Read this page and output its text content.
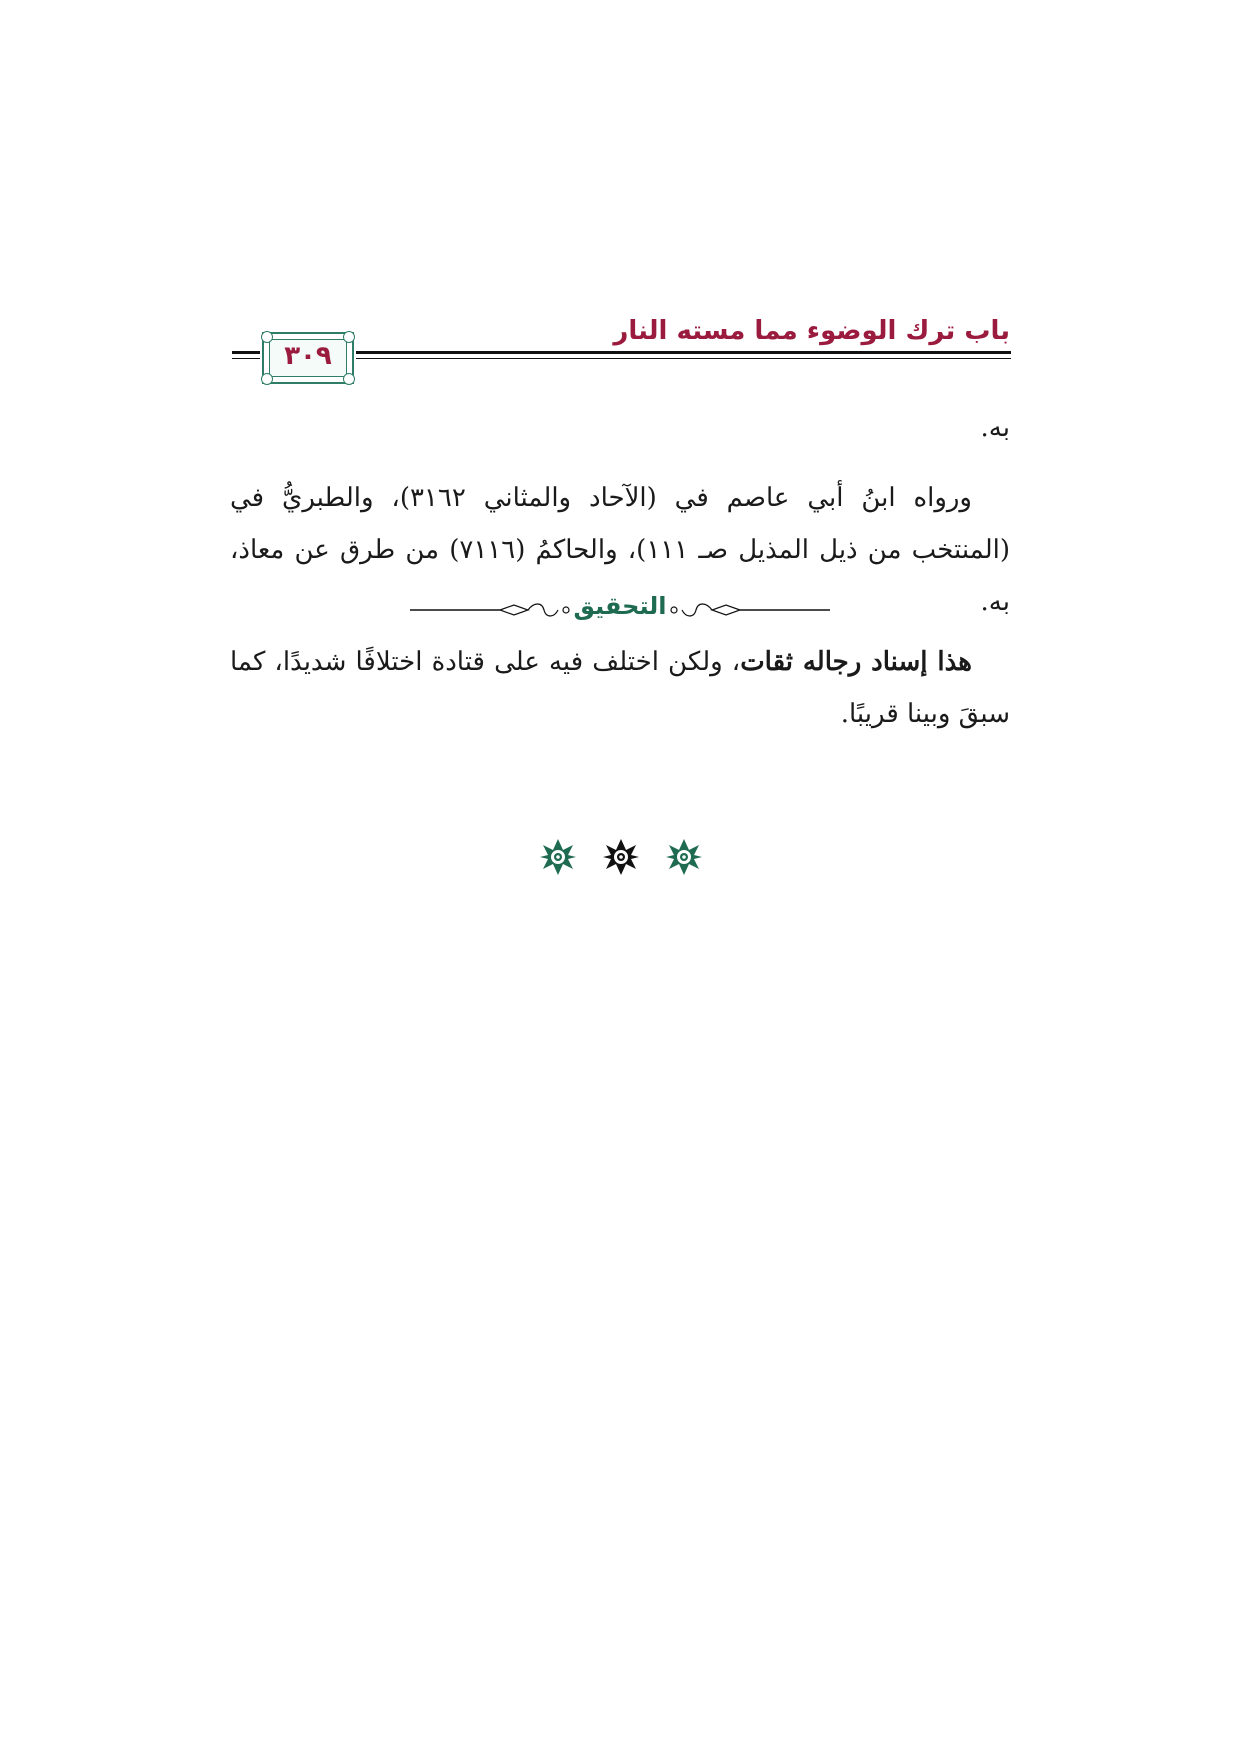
باب ترك الوضوء مما مسته النار
٣٠٩
به.
ورواه ابنُ أبي عاصم في (الآحاد والمثاني ٣١٦٢)، والطبريُّ في (المنتخب من ذيل المذيل صـ ١١١)، والحاكمُ (٧١١٦) من طرق عن معاذ، به.
التحقيق
هذا إسناد رجاله ثقات، ولكن اختلف فيه على قتادة اختلافًا شديدًا، كما سبقَ وبينا قريبًا.
